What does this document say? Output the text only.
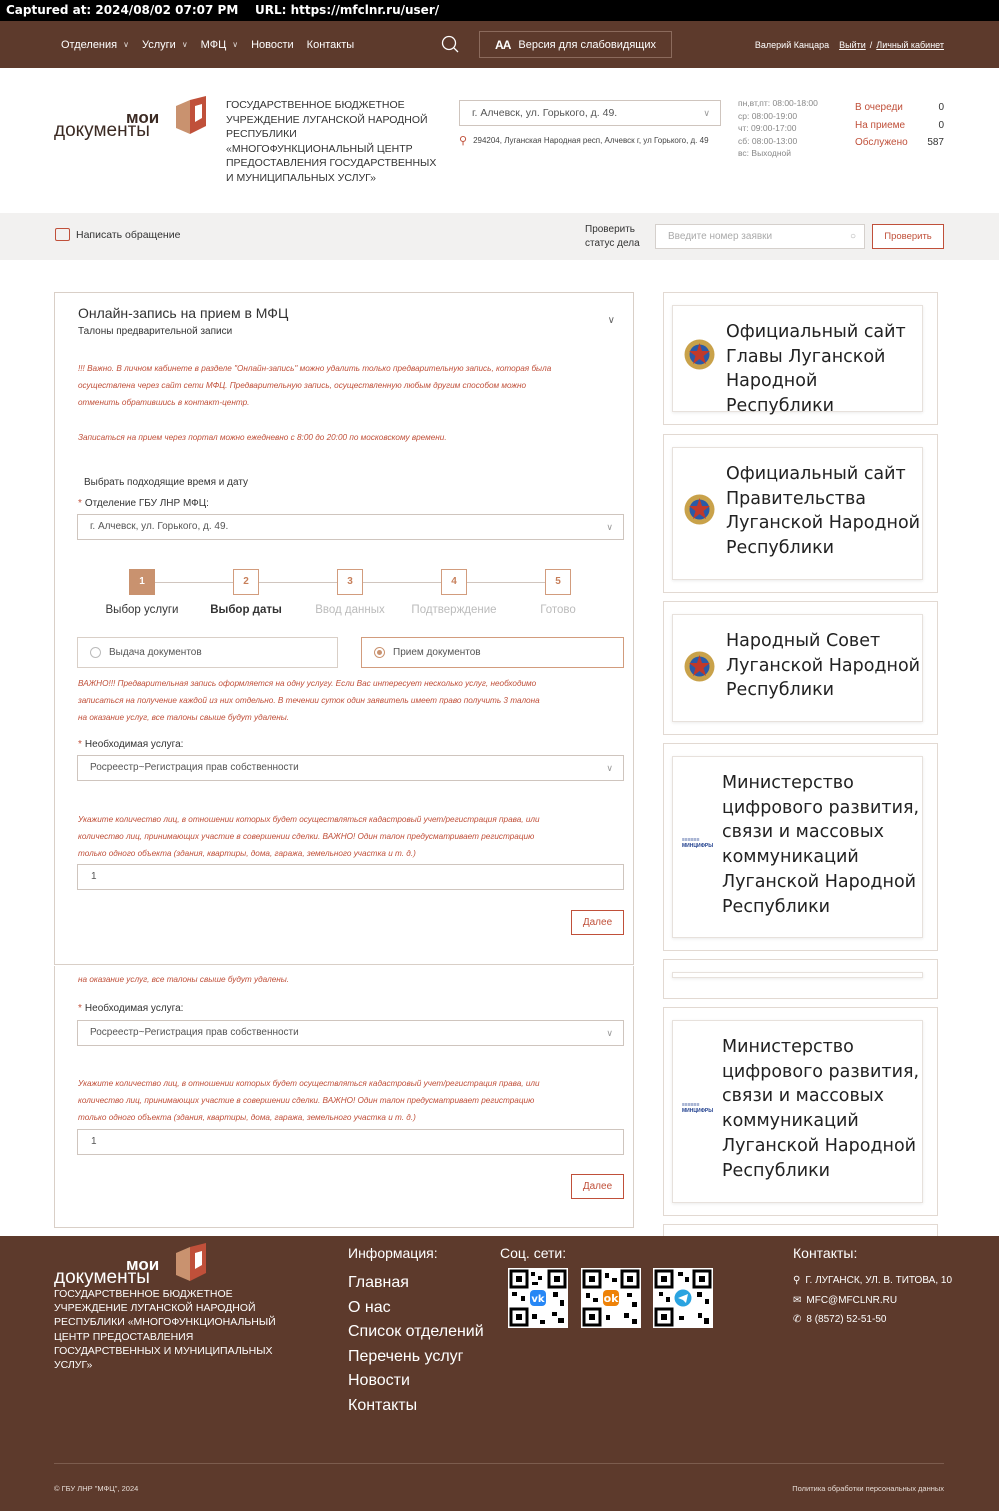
Captured at: 2024/08/02 07:07 PM    URL: https://mfclnr.ru/user/
Отделения ∨ Услуги ∨ МФЦ ∨ Новости Контакты	AA Версия для слабовидящих	Валерий Канцара Выйти / Личный кабинет
мои
документы
ГОСУДАРСТВЕННОЕ БЮДЖЕТНОЕ УЧРЕЖДЕНИЕ ЛУГАНСКОЙ НАРОДНОЙ РЕСПУБЛИКИ «МНОГОФУНКЦИОНАЛЬНЫЙ ЦЕНТР ПРЕДОСТАВЛЕНИЯ ГОСУДАРСТВЕННЫХ И МУНИЦИПАЛЬНЫХ УСЛУГ»
г. Алчевск, ул. Горького, д. 49.	∨
⚲ 294204, Луганская Народная респ, Алчевск г, ул Горького, д. 49
пн,вт,пт: 08:00-18:00
ср: 08:00-19:00
чт: 09:00-17:00
сб: 08:00-13:00
вс: Выходной
В очереди	0
На приеме	0
Обслужено 587
Написать обращение	Проверить
статус дела
Введите номер заявки	○	Проверить
Онлайн-запись на прием в МФЦ
Талоны предварительной записи
∨
!!! Важно. В личном кабинете в разделе "Онлайн-запись" можно удалить только предварительную запись, которая была
осуществлена через сайт сети МФЦ. Предварительную запись, осуществленную любым другим способом можно
отменить обратившись в контакт-центр.
Записаться на прием через портал можно ежедневно с 8:00 до 20:00 по московскому времени.
Выбрать подходящие время и дату
* Отделение ГБУ ЛНР МФЦ:
г. Алчевск, ул. Горького, д. 49.	∨
1
Выбор услуги
2
Выбор даты
3
Ввод данных
4
Подтверждение
5
Готово
Выдача документов	Прием документов
ВАЖНО!!! Предварительная запись оформляется на одну услугу. Если Вас интересует несколько услуг, необходимо
записаться на получение каждой из них отдельно. В течении суток один заявитель имеет право получить 3 талона
на оказание услуг, все талоны свыше будут удалены.
* Необходимая услуга:
Росреестр~Регистрация прав собственности	∨
Укажите количество лиц, в отношении которых будет осуществляться кадастровый учет/регистрация права, или
количество лиц, принимающих участие в совершении сделки. ВАЖНО! Один талон предусматривает регистрацию
только одного объекта (здания, квартиры, дома, гаража, земельного участка и т. д.)
1
Далее
на оказание услуг, все талоны свыше будут удалены.
* Необходимая услуга:
Росреестр~Регистрация прав собственности	∨
Укажите количество лиц, в отношении которых будет осуществляться кадастровый учет/регистрация права, или
количество лиц, принимающих участие в совершении сделки. ВАЖНО! Один талон предусматривает регистрацию
только одного объекта (здания, квартиры, дома, гаража, земельного участка и т. д.)
1
Далее
Официальный сайт
Главы Луганской
Народной Республики
Официальный сайт
Правительства
Луганской Народной
Республики
Народный Совет
Луганской Народной
Республики
≡≡≡≡≡≡
МИНЦИФРЫ
Министерство
цифрового развития,
связи и массовых
коммуникаций
Луганской Народной
Республики
≡≡≡≡≡≡
МИНЦИФРЫ
Министерство
цифрового развития,
связи и массовых
коммуникаций
Луганской Народной
Республики
мои
документы
ГОСУДАРСТВЕННОЕ БЮДЖЕТНОЕ УЧРЕЖДЕНИЕ ЛУГАНСКОЙ НАРОДНОЙ РЕСПУБЛИКИ «МНОГОФУНКЦИОНАЛЬНЫЙ ЦЕНТР ПРЕДОСТАВЛЕНИЯ ГОСУДАРСТВЕННЫХ И МУНИЦИПАЛЬНЫХ УСЛУГ»
Информация:
Главная
О нас
Список отделений
Перечень услуг
Новости
Контакты
Соц. сети:
vk	ok
Контакты:
⚲ Г. ЛУГАНСК, УЛ. В. ТИТОВА, 10
✉ MFC@MFCLNR.RU
✆ 8 (8572) 52-51-50
© ГБУ ЛНР "МФЦ", 2024	Политика обработки персональных данных
